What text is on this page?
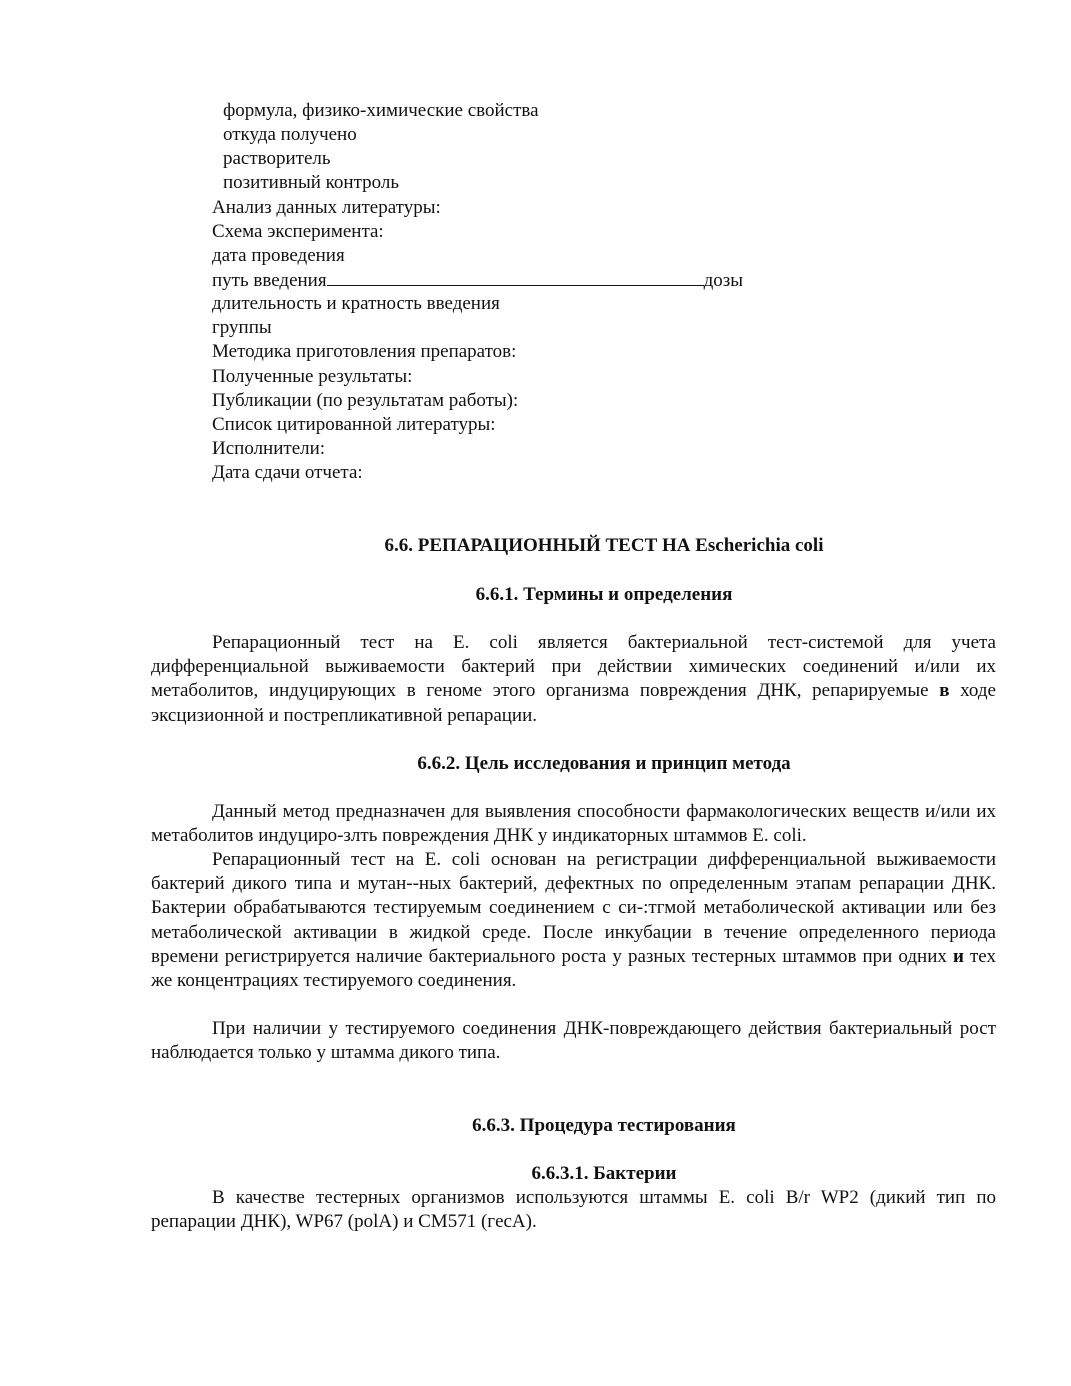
формула, физико-химические свойства
откуда получено
растворитель
позитивный контроль
Анализ данных литературы:
Схема эксперимента:
дата проведения
путь введения	дозы
длительность и кратность введения
группы
Методика приготовления препаратов:
Полученные результаты:
Публикации (по результатам работы):
Список цитированной литературы:
Исполнители:
Дата сдачи отчета:
6.6. РЕПАРАЦИОННЫЙ ТЕСТ НА Escherichia coli
6.6.1. Термины и определения

Репарационный тест на E. coli является бактериальной тест-системой для учета дифференциальной выживаемости бактерий при действии химических соединений и/или их метаболитов, индуцирующих в геноме этого организма повреждения ДНК, репарируемые в ходе эксцизионной и пострепликативной репарации.

6.6.2. Цель исследования и принцип метода

Данный метод предназначен для выявления способности фармакологических веществ и/или их метаболитов индуциро-злть повреждения ДНК у индикаторных штаммов E. coli.

Репарационный тест на E. coli основан на регистрации дифференциальной выживаемости бактерий дикого типа и мутан--ных бактерий, дефектных по определенным этапам репарации ДНК. Бактерии обрабатываются тестируемым соединением с си-:тгмой метаболической активации или без метаболической активации в жидкой среде. После инкубации в течение определенного периода времени регистрируется наличие бактериального роста у разных тестерных штаммов при одних и тех же концентрациях тестируемого соединения.

При наличии у тестируемого соединения ДНК-повреждающего действия бактериальный рост наблюдается только у штамма дикого типа.

6.6.3. Процедура тестирования
6.6.3.1. Бактерии

В качестве тестерных организмов используются штаммы E. coli B/r WP2 (дикий тип по репарации ДНК), WP67 (polA) и CM571 (гecA).
